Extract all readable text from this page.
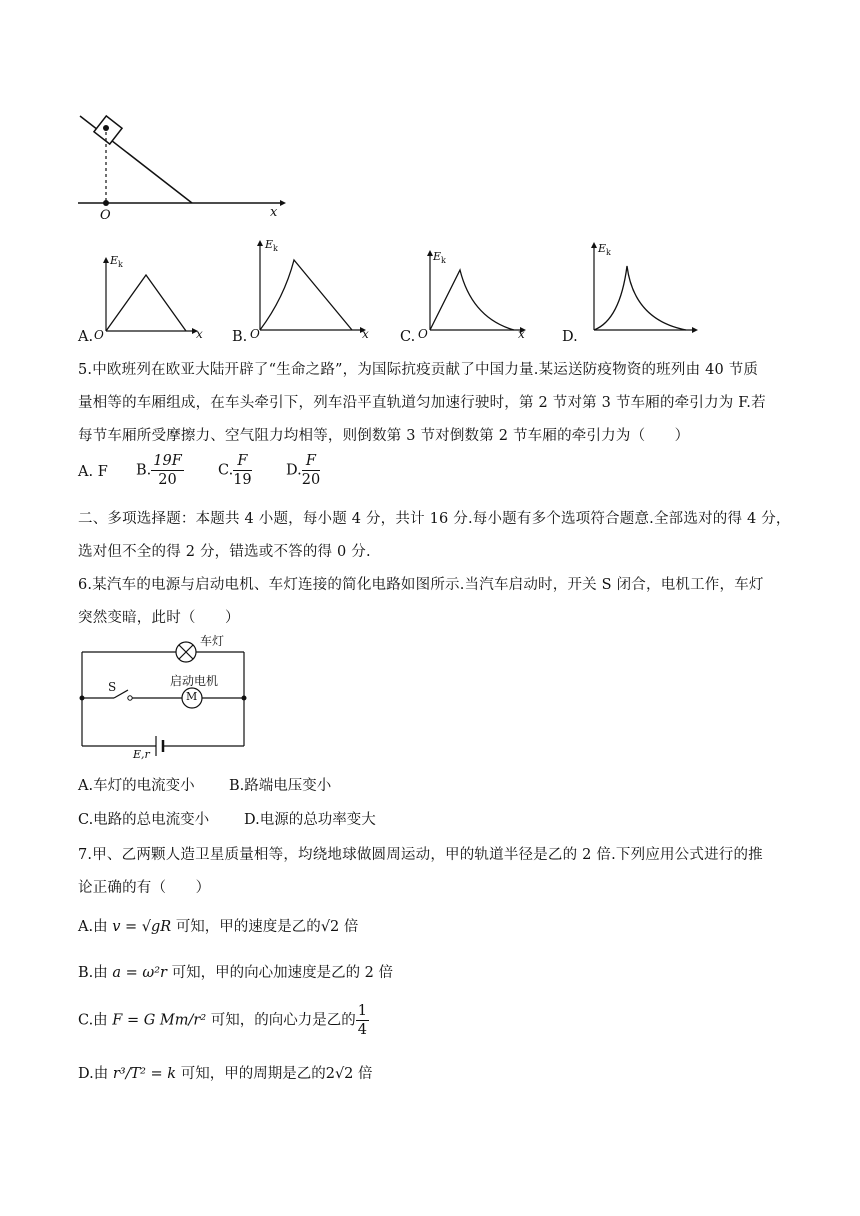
O	x
$E_k$
O	x
A.
$E_k$
O	x
B.
$E_k$
O	x
C.
$E_k$
D.
5.中欧班列在欧亚大陆开辟了“生命之路”，为国际抗疫贡献了中国力量.某运送防疫物资的班列由 40 节质
量相等的车厢组成，在车头牵引下，列车沿平直轨道匀加速行驶时，第 2 节对第 3 节车厢的牵引力为 F.若
每节车厢所受摩擦力、空气阻力均相等，则倒数第 3 节对倒数第 2 节车厢的牵引力为（　　）
A. F B. $\frac{19F}{20} C$. $\frac{F}{19} D$. $\frac{F}{20}$
二、多项选择题：本题共 4 小题，每小题 4 分，共计 16 分.每小题有多个选项符合题意.全部选对的得 4 分，
选对但不全的得 2 分，错选或不答的得 0 分.
6.某汽车的电源与启动电机、车灯连接的简化电路如图所示.当汽车启动时，开关 S 闭合，电机工作，车灯
突然变暗，此时（　　）
车灯
S	启动电机
M
E,r
A.车灯的电流变小 B.路端电压变小
C.电路的总电流变小 D.电源的总功率变大
7.甲、乙两颗人造卫星质量相等，均绕地球做圆周运动，甲的轨道半径是乙的 2 倍.下列应用公式进行的推
论正确的有（　　）
A.由 v = √gR 可知，甲的速度是乙的√2 倍
B.由 a = ω²r 可知，甲的向心加速度是乙的 2 倍
C.由 F = G Mm/r² 可知，的向心力是乙的 $\frac{1}{4}$
D.由 r³/T² = k 可知，甲的周期是乙的2√2 倍
